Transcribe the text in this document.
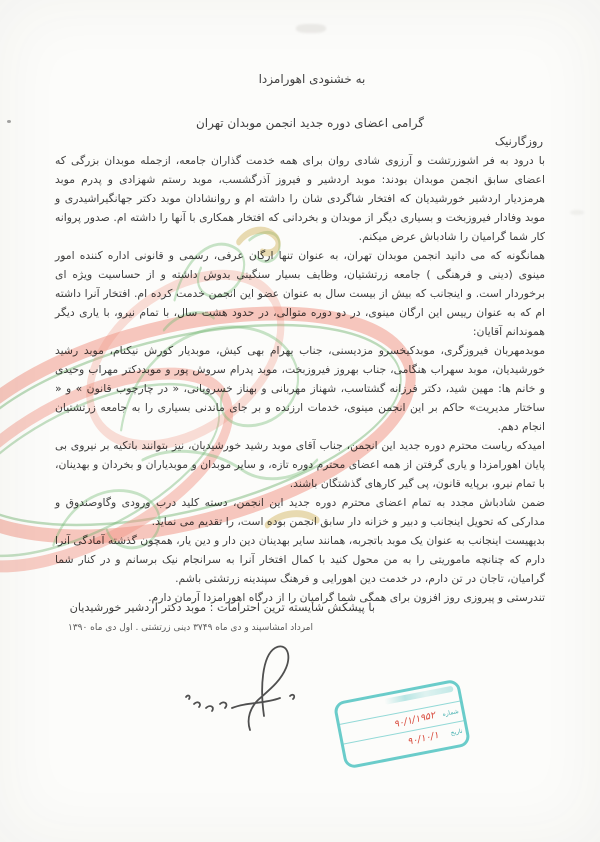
به خشنودی اهورامزدا
گرامی اعضای دوره جدید انجمن موبدان تهران
روزگارنیک

با درود به فر اشوزرتشت و آرزوی شادی روان برای همه خدمت گذاران جامعه، ازجمله موبدان بزرگی که اعضای سابق انجمن موبدان بودند: موبد اردشیر و فیروز آذرگشسب، موبد رستم شهزادی و پدرم موبد هرمزدیار اردشیر خورشیدیان که افتخار شاگردی شان را داشته ام و روانشادان موبد دکتر جهانگیراشیدری و موبد وفادار فیروزبخت و بسیاری دیگر از موبدان و بخردانی که افتخار همکاری با آنها را داشته ام. صدور پروانه کار شما گرامیان را شادباش عرض میکنم.

همانگونه که می دانید انجمن موبدان تهران، به عنوان تنها ارگان عرفی، رسمی و قانونی اداره کننده امور مینوی (دینی و فرهنگی ) جامعه زرتشتیان، وظایف بسیار سنگینی بدوش داشته و از حساسیت ویژه ای برخوردار است. و اینجانب که بیش از بیست سال به عنوان عضو این انجمن خدمت کرده ام. افتخار آنرا داشته ام که به عنوان رییس این ارگان مینوی، در دو دوره متوالی، در حدود هشت سال، با تمام نیرو، با یاری دیگر هموندانم آقایان:

موبدمهربان فیروزگری، موبدکیخسرو مزدیسنی، جناب بهرام بهی کیش، موبدیار کورش نیکنام، موبد رشید خورشیدیان، موبد سهراب هنگامی، جناب بهروز فیروزبخت، موبد پدرام سروش پور و موبددکتر مهراب وحیدی و خانم ها: مهین شید، دکتر فرزانه گشتاسب، شهناز مهربانی و بهناز خسرویانی، « در چارچوب قانون » و « ساختار مدیریت» حاکم بر این انجمن مینوی، خدمات ارزنده و بر جای ماندنی بسیاری را به جامعه زرتشتیان انجام دهم.

امیدکه ریاست محترم دوره جدید این انجمن، جناب آقای موبد رشید خورشیدیان، نیز بتوانند باتکیه بر نیروی بی پایان اهورامزدا و یاری گرفتن از همه اعضای محترم دوره تازه، و سایر موبدان و موبدیاران و بخردان و بهدینان، با تمام نیرو، برپایه قانون، پی گیر کارهای گذشتگان باشند.

ضمن شادباش مجدد به تمام اعضای محترم دوره جدید این انجمن، دسته کلید درب ورودی وگاوصندوق و مدارکی که تحویل اینجانب و دبیر و خزانه دار سابق انجمن بوده است، را تقدیم می نماید.

بدیهیست اینجانب به عنوان یک موبد باتجربه، همانند سایر بهدینان دین دار و دین یار، همچون گذشته آمادگی آنرا دارم که چنانچه ماموریتی را به من محول کنید با کمال افتخار آنرا به سرانجام نیک برسانم و در کنار شما گرامیان، تاجان در تن دارم، در خدمت دین اهورایی و فرهنگ سپندینه زرتشتی باشم.

تندرستی و پیروزی روز افزون برای همگی شما گرامیان را از درگاه اهورامزدا آرمان دارم.

با پیشکش شایسته ترین احترامات : موبد دکتر اردشیر خورشیدیان
امرداد امشاسپند و دی ماه ۳۷۴۹ دینی زرتشتی . اول دی ماه ۱۳۹۰
شماره
۹۰/۱/۱۹۵۲
تاریخ
۹۰/۱۰/۱
